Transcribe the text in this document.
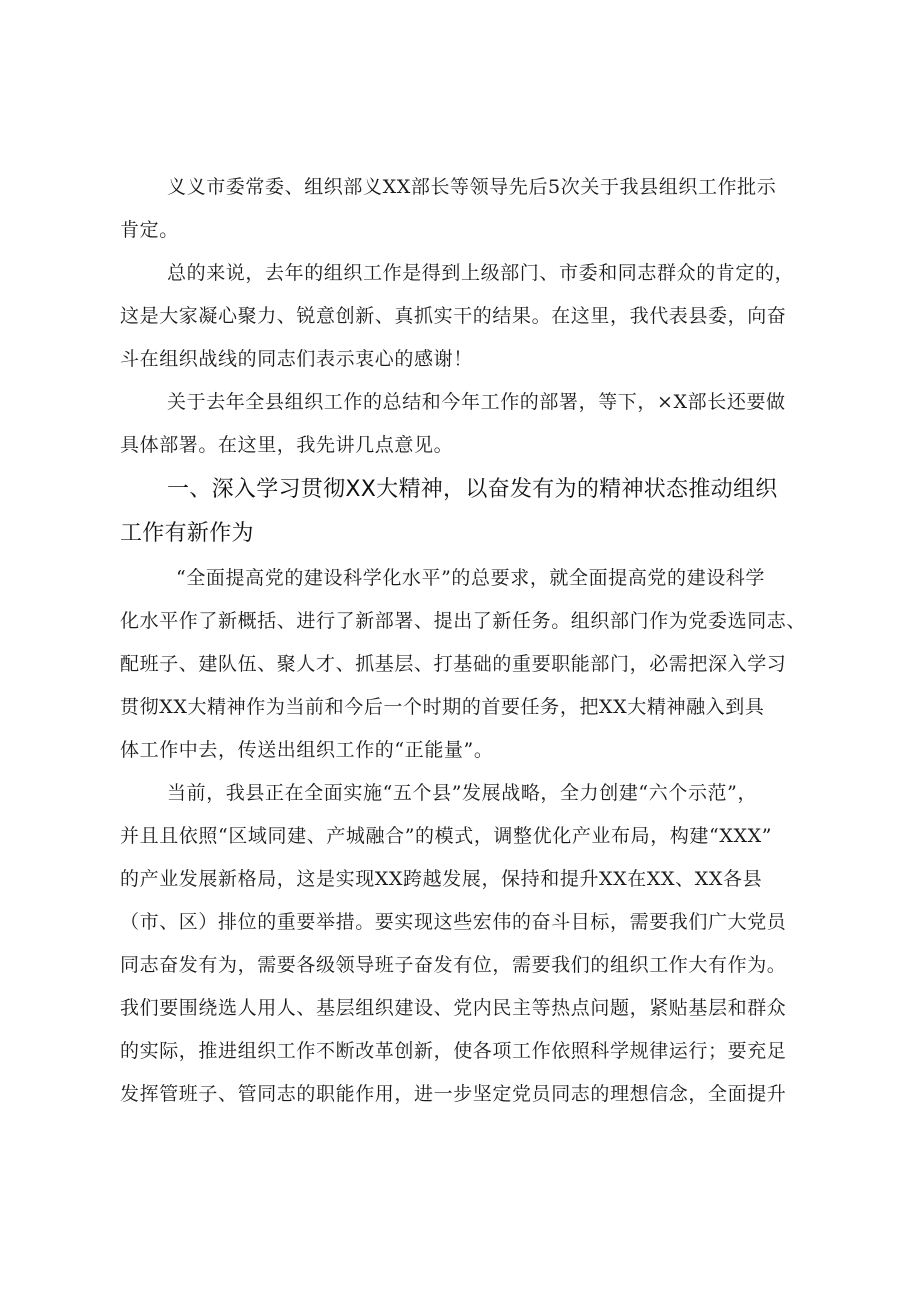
义义市委常委、组织部义XX部长等领导先后5次关于我县组织工作批示
肯定。
总的来说，去年的组织工作是得到上级部门、市委和同志群众的肯定的，
这是大家凝心聚力、锐意创新、真抓实干的结果。在这里，我代表县委，向奋
斗在组织战线的同志们表示衷心的感谢！
关于去年全县组织工作的总结和今年工作的部署，等下，×X部长还要做
具体部署。在这里，我先讲几点意见。
一、深入学习贯彻XX大精神，以奋发有为的精神状态推动组织
工作有新作为
“全面提高党的建设科学化水平”的总要求，就全面提高党的建设科学
化水平作了新概括、进行了新部署、提出了新任务。组织部门作为党委选同志、
配班子、建队伍、聚人才、抓基层、打基础的重要职能部门，必需把深入学习
贯彻XX大精神作为当前和今后一个时期的首要任务，把XX大精神融入到具
体工作中去，传送出组织工作的“正能量”。
当前，我县正在全面实施“五个县”发展战略，全力创建“六个示范”，
并且且依照“区域同建、产城融合”的模式，调整优化产业布局，构建“XXX”
的产业发展新格局，这是实现XX跨越发展，保持和提升XX在XX、XX各县
（市、区）排位的重要举措。要实现这些宏伟的奋斗目标，需要我们广大党员
同志奋发有为，需要各级领导班子奋发有位，需要我们的组织工作大有作为。
我们要围绕选人用人、基层组织建设、党内民主等热点问题，紧贴基层和群众
的实际，推进组织工作不断改革创新，使各项工作依照科学规律运行；要充足
发挥管班子、管同志的职能作用，进一步坚定党员同志的理想信念，全面提升
